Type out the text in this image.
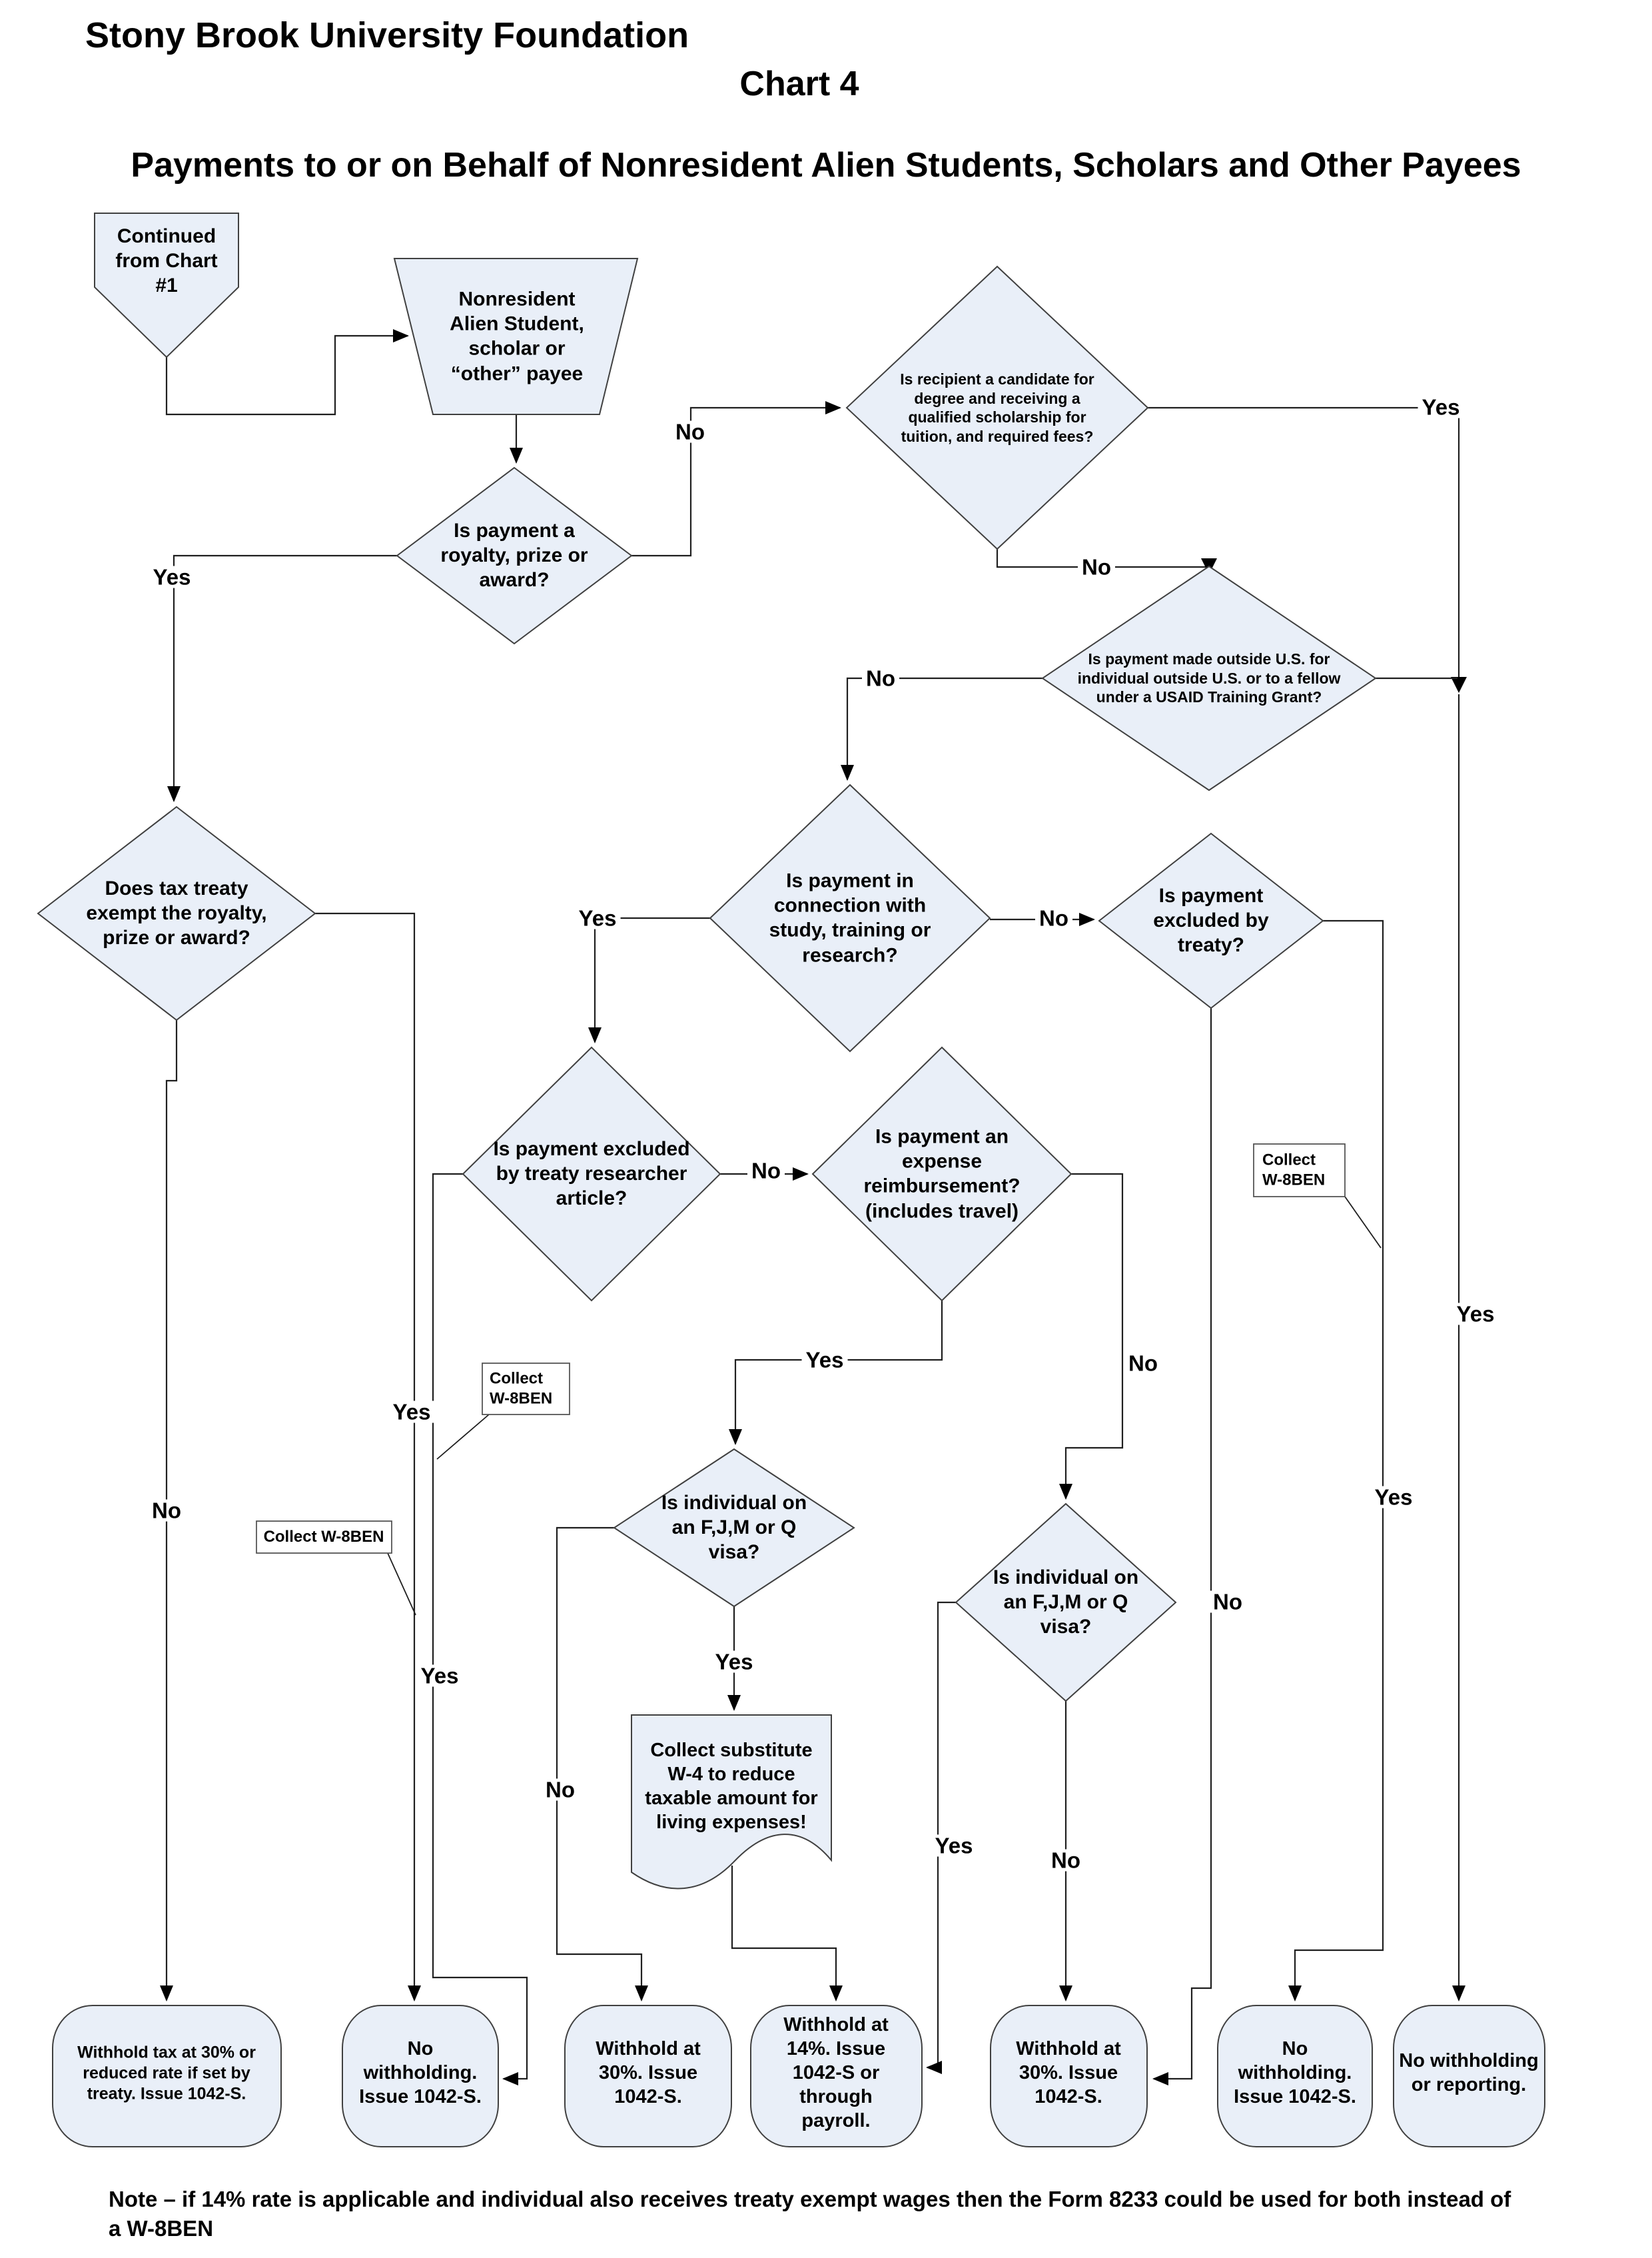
Stony Brook University Foundation
Chart 4
Payments to or on Behalf of Nonresident Alien Students, Scholars and Other Payees
Continued from Chart #1
Nonresident Alien Student, scholar or “other” payee
Is payment a royalty, prize or award?
Is recipient a candidate for degree and receiving a qualified scholarship for tuition, and required fees?
Is payment made outside U.S. for individual outside U.S. or to a fellow under a USAID Training Grant?
Does tax treaty exempt the royalty, prize or award?
Is payment in connection with study, training or research?
Is payment excluded by treaty?
Is payment excluded by treaty researcher article?
Is payment an expense reimbursement? (includes travel)
Is individual on an F,J,M or Q visa?
Is individual on an F,J,M or Q visa?
Collect substitute W-4 to reduce taxable amount for living expenses!
Collect W-8BEN
Collect W-8BEN
Collect W-8BEN
Withhold tax at 30% or reduced rate if set by treaty. Issue 1042-S.
No withholding. Issue 1042-S.
Withhold at 30%. Issue 1042-S.
Withhold at 14%. Issue 1042-S or through payroll.
Withhold at 30%. Issue 1042-S.
No withholding. Issue 1042-S.
No withholding or reporting.
No
Yes
No
No
Yes
Yes	No
No
Yes	No
Yes
Yes
No
No
Yes
Yes
No
No
Yes
Yes
Note – if 14% rate is applicable and individual also receives treaty exempt wages then the Form 8233 could be used for both instead of
a W-8BEN
